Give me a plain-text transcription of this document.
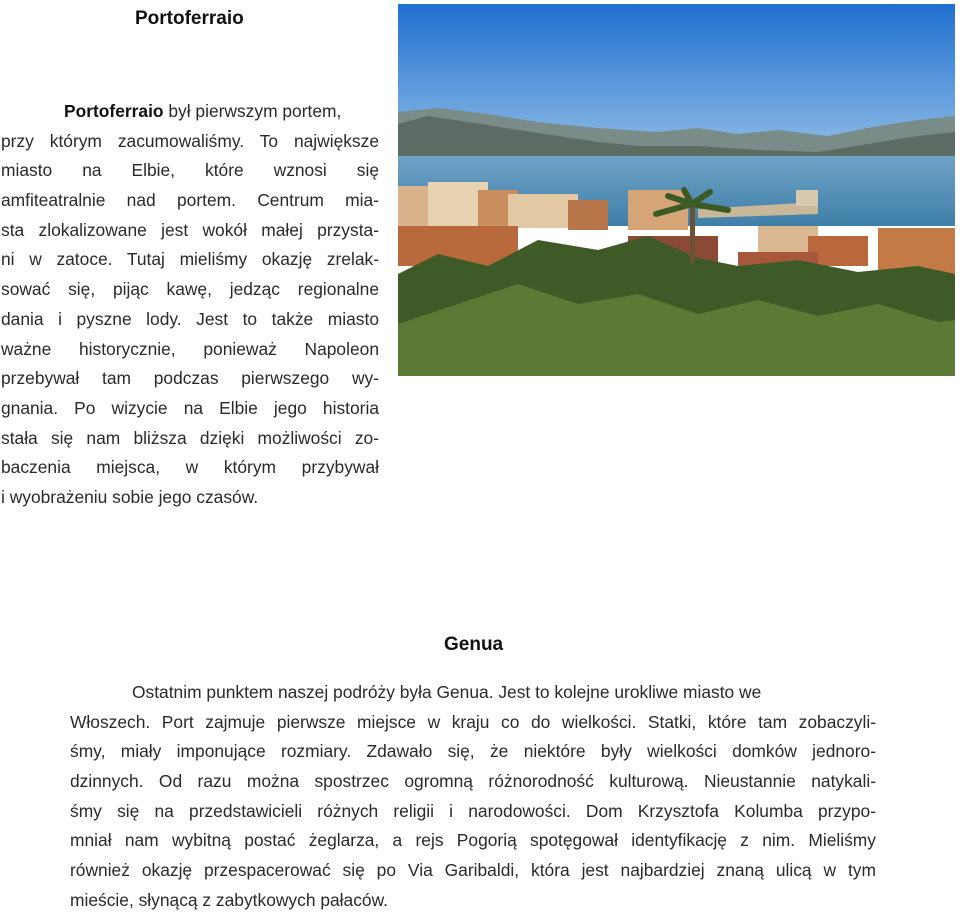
Portoferraio
Portoferraio był pierwszym portem,
przy którym zacumowaliśmy. To największe
miasto na Elbie, które wznosi się
amfiteatralnie nad portem. Centrum mia-
sta zlokalizowane jest wokół małej przysta-
ni w zatoce. Tutaj mieliśmy okazję zrelak-
sować się, pijąc kawę, jedząc regionalne
dania i pyszne lody. Jest to także miasto
ważne historycznie, ponieważ Napoleon
przebywał tam podczas pierwszego wy-
gnania. Po wizycie na Elbie jego historia
stała się nam bliższa dzięki możliwości zo-
baczenia miejsca, w którym przybywał
i wyobrażeniu sobie jego czasów.
Genua
Ostatnim punktem naszej podróży była Genua. Jest to kolejne urokliwe miasto we
Włoszech. Port zajmuje pierwsze miejsce w kraju co do wielkości. Statki, które tam zobaczyli-
śmy, miały imponujące rozmiary. Zdawało się, że niektóre były wielkości domków jednoro-
dzinnych. Od razu można spostrzec ogromną różnorodność kulturową. Nieustannie natykali-
śmy się na przedstawicieli różnych religii i narodowości. Dom Krzysztofa Kolumba przypo-
mniał nam wybitną postać żeglarza, a rejs Pogorią spotęgował identyfikację z nim. Mieliśmy
również okazję przespacerować się po Via Garibaldi, która jest najbardziej znaną ulicą w tym
mieście, słynącą z zabytkowych pałaców.
